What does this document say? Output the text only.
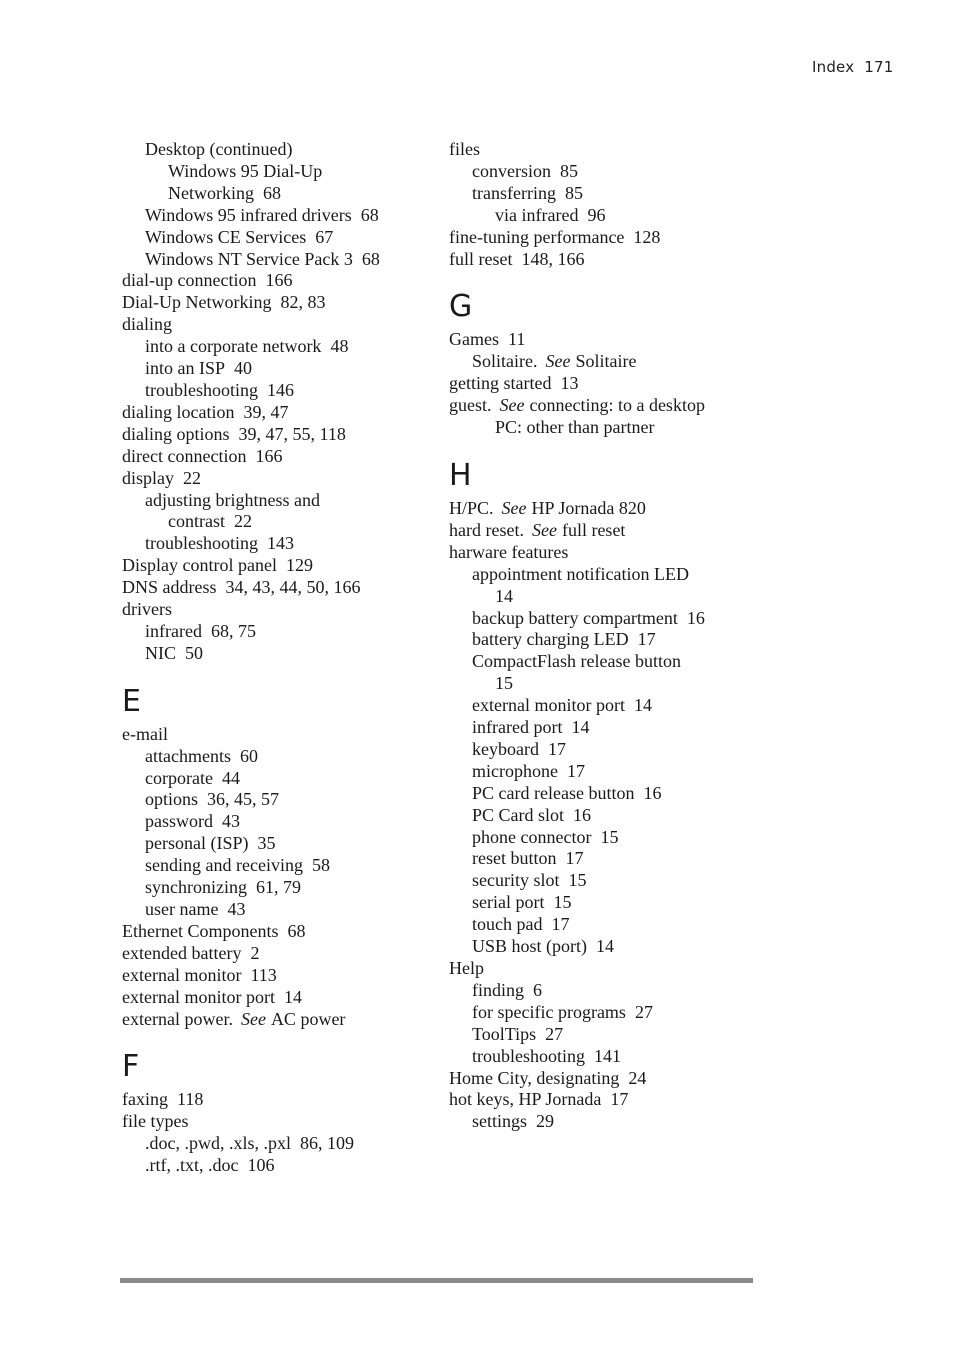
Index 171
Desktop (continued)
Windows 95 Dial-Up
Networking 68
Windows 95 infrared drivers 68
Windows CE Services 67
Windows NT Service Pack 3 68
dial-up connection 166
Dial-Up Networking 82, 83
dialing
into a corporate network 48
into an ISP 40
troubleshooting 146
dialing location 39, 47
dialing options 39, 47, 55, 118
direct connection 166
display 22
adjusting brightness and
contrast 22
troubleshooting 143
Display control panel 129
DNS address 34, 43, 44, 50, 166
drivers
infrared 68, 75
NIC 50
E
e-mail
attachments 60
corporate 44
options 36, 45, 57
password 43
personal (ISP) 35
sending and receiving 58
synchronizing 61, 79
user name 43
Ethernet Components 68
extended battery 2
external monitor 113
external monitor port 14
external power. See AC power
F
faxing 118
file types
.doc, .pwd, .xls, .pxl 86, 109
.rtf, .txt, .doc 106
files
conversion 85
transferring 85
via infrared 96
fine-tuning performance 128
full reset 148, 166
G
Games 11
Solitaire. See Solitaire
getting started 13
guest. See connecting: to a desktop
PC: other than partner
H
H/PC. See HP Jornada 820
hard reset. See full reset
harware features
appointment notification LED
14
backup battery compartment 16
battery charging LED 17
CompactFlash release button
15
external monitor port 14
infrared port 14
keyboard 17
microphone 17
PC card release button 16
PC Card slot 16
phone connector 15
reset button 17
security slot 15
serial port 15
touch pad 17
USB host (port) 14
Help
finding 6
for specific programs 27
ToolTips 27
troubleshooting 141
Home City, designating 24
hot keys, HP Jornada 17
settings 29
